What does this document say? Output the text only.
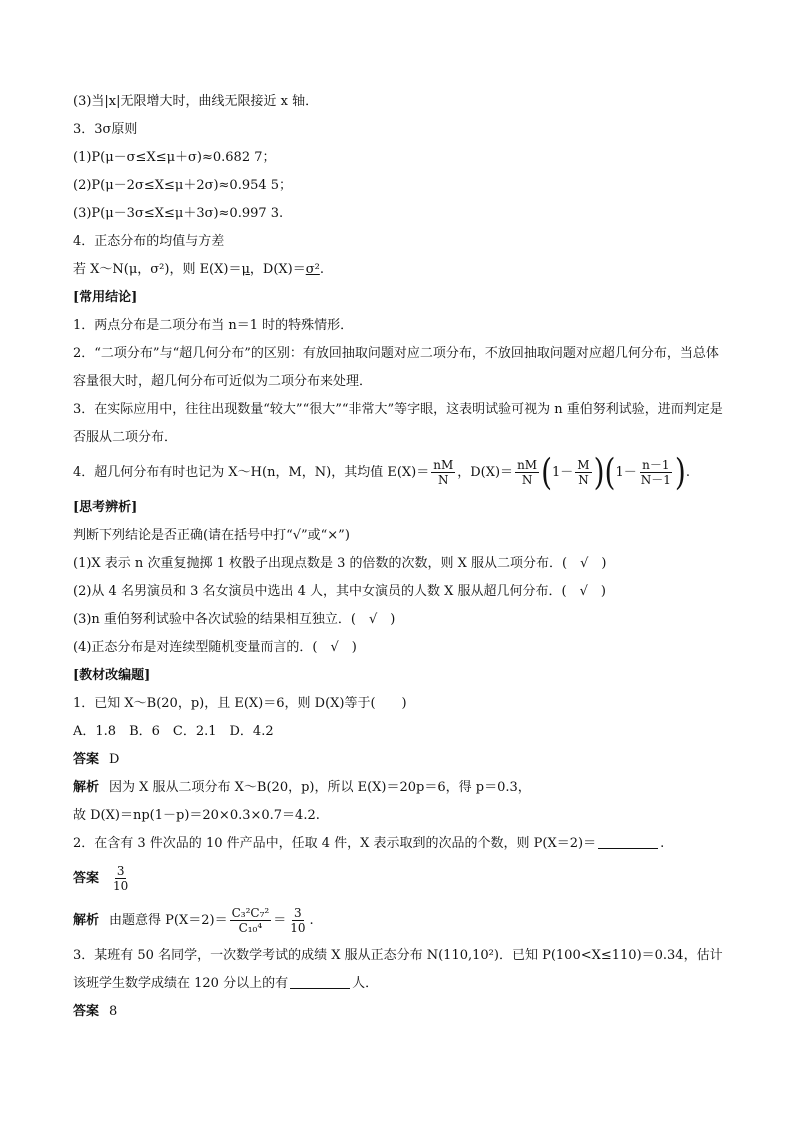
(3)当|x|无限增大时，曲线无限接近 x 轴．
3．3σ原则
(1)P(μ－σ≤X≤μ＋σ)≈0.682 7；
(2)P(μ－2σ≤X≤μ＋2σ)≈0.954 5；
(3)P(μ－3σ≤X≤μ＋3σ)≈0.997 3.
4．正态分布的均值与方差
若 X～N(μ，σ²)，则 E(X)＝μ，D(X)＝σ².
[常用结论]
1．两点分布是二项分布当 n＝1 时的特殊情形．
2．“二项分布”与“超几何分布”的区别：有放回抽取问题对应二项分布，不放回抽取问题对应超几何分布，当总体容量很大时，超几何分布可近似为二项分布来处理．
3．在实际应用中，往往出现数量“较大”“很大”“非常大”等字眼，这表明试验可视为 n 重伯努利试验，进而判定是否服从二项分布．
4．超几何分布有时也记为 X～H(n，M，N)，其均值 $E(X)= \frac{nM}{N}$ ，$D(X)= \frac{nM}{N} (1- \frac{M}{N} )(1- \frac{n-1}{N-1}$ ).
[思考辨析]
判断下列结论是否正确(请在括号中打“√”或“×”)
(1)X 表示 n 次重复抛掷 1 枚骰子出现点数是 3 的倍数的次数，则 X 服从二项分布．(　√　)
(2)从 4 名男演员和 3 名女演员中选出 4 人，其中女演员的人数 X 服从超几何分布．(　√　)
(3)n 重伯努利试验中各次试验的结果相互独立．(　√　)
(4)正态分布是对连续型随机变量而言的．(　√　)
[教材改编题]
1．已知 X～B(20，p)，且 E(X)＝6，则 D(X)等于(　　)
A．1.8　B．6　C．2.1　D．4.2
答案 D
解析 因为 X 服从二项分布 X～B(20，p)，所以 E(X)＝20p＝6，得 p＝0.3，
故 D(X)＝np(1－p)＝20×0.3×0.7＝4.2.
2．在含有 3 件次品的 10 件产品中，任取 4 件，X 表示取到的次品的个数，则 P(X＝2)＝	.
答案 $\frac{3}{10}$
解析 由题意得 $P(X=2)= \frac{\text{C₃²C₇²}}{\text{C₁₀⁴}} = \frac{3}{10}$ .
3．某班有 50 名同学，一次数学考试的成绩 X 服从正态分布 N(110,10²)．已知 P(100<X≤110)＝0.34，估计该班学生数学成绩在 120 分以上的有	人．
答案 8
